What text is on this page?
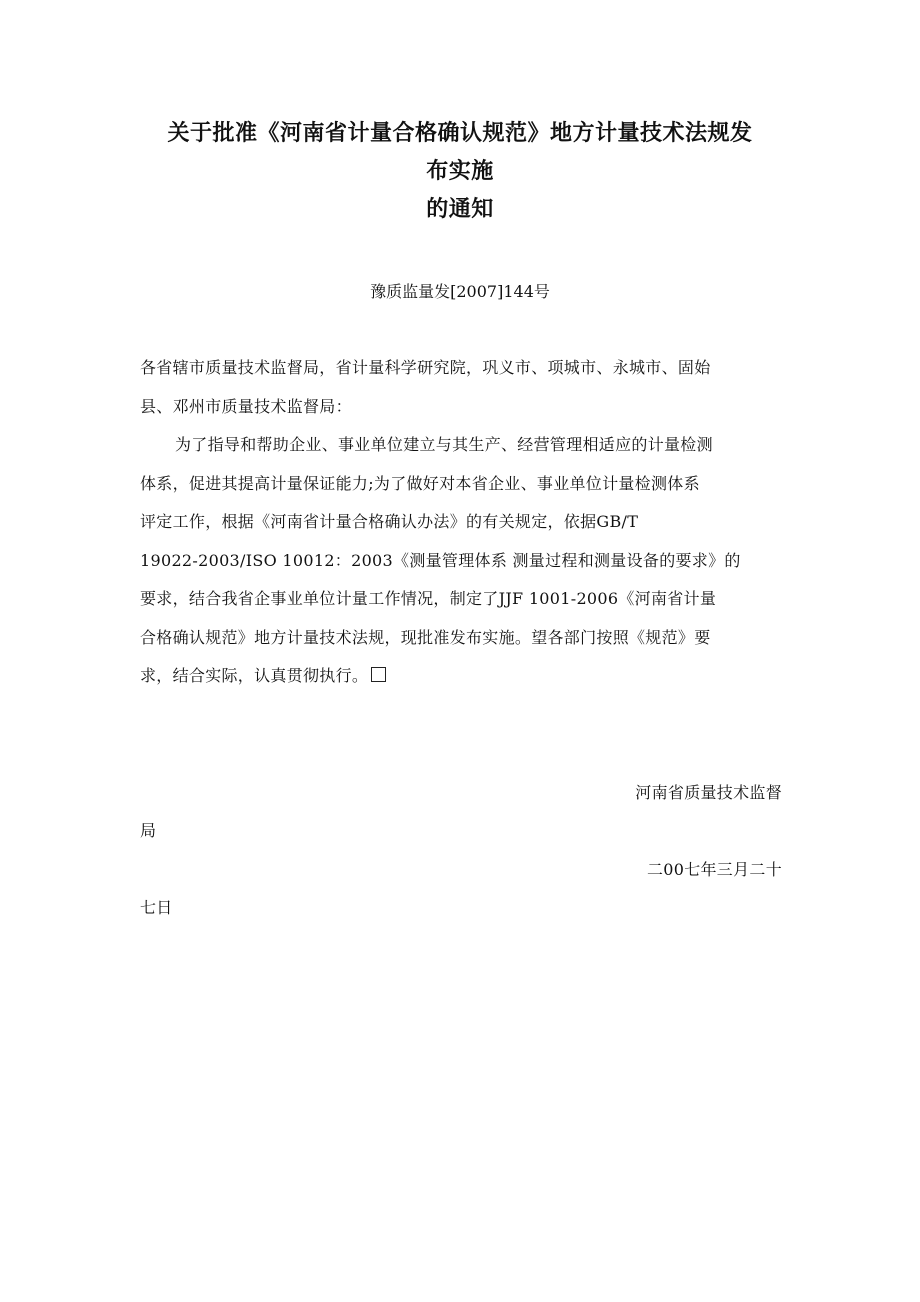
关于批准《河南省计量合格确认规范》地方计量技术法规发
布实施
的通知
豫质监量发[2007]144号
各省辖市质量技术监督局，省计量科学研究院，巩义市、项城市、永城市、固始
县、邓州市质量技术监督局：
为了指导和帮助企业、事业单位建立与其生产、经营管理相适应的计量检测
体系，促进其提高计量保证能力;为了做好对本省企业、事业单位计量检测体系
评定工作，根据《河南省计量合格确认办法》的有关规定，依据GB/T
19022-2003/ISO 10012：2003《测量管理体系 测量过程和测量设备的要求》的
要求，结合我省企事业单位计量工作情况，制定了JJF 1001-2006《河南省计量
合格确认规范》地方计量技术法规，现批准发布实施。望各部门按照《规范》要
求，结合实际，认真贯彻执行。
河南省质量技术监督
局
二00七年三月二十
七日
